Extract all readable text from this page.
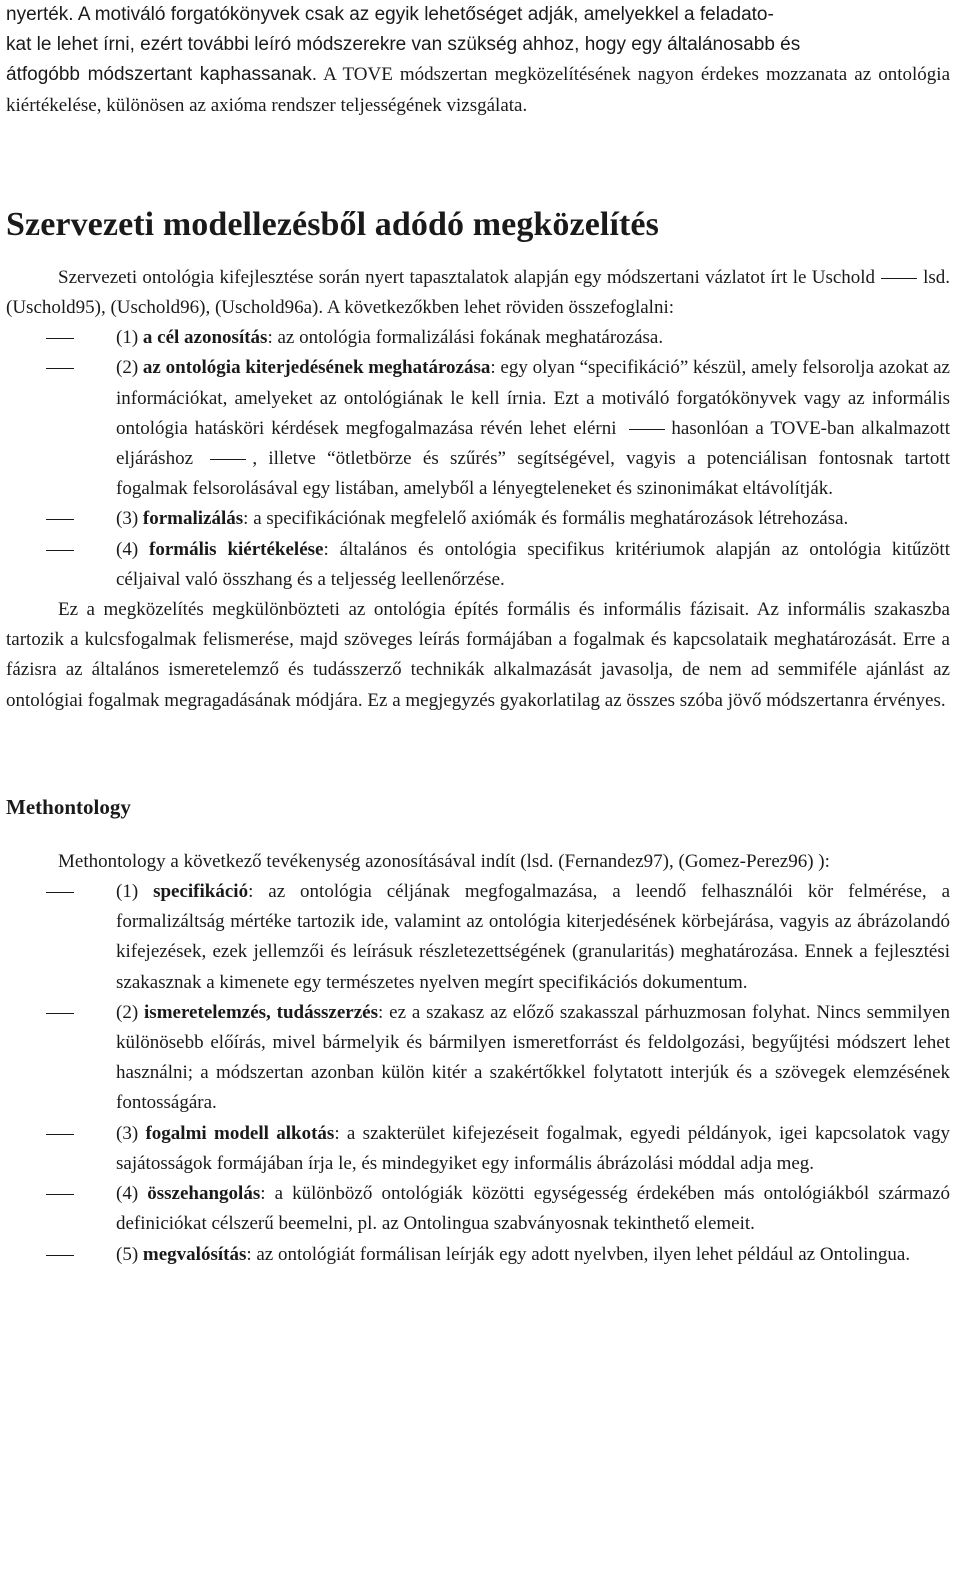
nyerték. A motiváló forgatókönyvek csak az egyik lehetőséget adják, amelyekkel a feladato-

kat le lehet írni, ezért további leíró módszerekre van szükség ahhoz, hogy egy általánosabb és

átfogóbb módszertant kaphassanak. A TOVE módszertan megközelítésének nagyon érdekes mozzanata az ontológia kiértékelése, különösen az axióma rendszer teljességének vizsgálata.

Szervezeti modellezésből adódó megközelítés

Szervezeti ontológia kifejlesztése során nyert tapasztalatok alapján egy módszertani vázlatot írt le Uschold	lsd.(Uschold95), (Uschold96), (Uschold96a). A következőkben lehet röviden összefoglalni:

(1) a cél azonosítás: az ontológia formalizálási fokának meghatározása.
(2) az ontológia kiterjedésének meghatározása: egy olyan “specifikáció” készül, amely felsorolja azokat az információkat, amelyeket az ontológiának le kell írnia. Ezt a motiváló forgatókönyvek vagy az informális ontológia hatásköri kérdések megfogalmazása révén lehet elérni	hasonlóan a TOVE-ban alkalmazott eljáráshoz	, illetve “ötletbörze és szűrés” segítségével, vagyis a potenciálisan fontosnak tartott fogalmak felsorolásával egy listában, amelyből a lényegteleneket és szinonimákat eltávolítják.
(3) formalizálás: a specifikációnak megfelelő axiómák és formális meghatározások létrehozása.
(4) formális kiértékelése: általános és ontológia specifikus kritériumok alapján az ontológia kitűzött céljaival való összhang és a teljesség leellenőrzése.

Ez a megközelítés megkülönbözteti az ontológia építés formális és informális fázisait. Az informális szakaszba tartozik a kulcsfogalmak felismerése, majd szöveges leírás formájában a fogalmak és kapcsolataik meghatározását. Erre a fázisra az általános ismeretelemző és tudásszerző technikák alkalmazását javasolja, de nem ad semmiféle ajánlást az ontológiai fogalmak megragadásának módjára. Ez a megjegyzés gyakorlatilag az összes szóba jövő módszertanra érvényes.

Methontology

Methontology a következő tevékenység azonosításával indít (lsd. (Fernandez97), (Gomez-Perez96) ):

(1) specifikáció: az ontológia céljának megfogalmazása, a leendő felhasználói kör felmérése, a formalizáltság mértéke tartozik ide, valamint az ontológia kiterjedésének körbejárása, vagyis az ábrázolandó kifejezések, ezek jellemzői és leírásuk részletezettségének (granularitás) meghatározása. Ennek a fejlesztési szakasznak a kimenete egy természetes nyelven megírt specifikációs dokumentum.
(2) ismeretelemzés, tudásszerzés: ez a szakasz az előző szakasszal párhuzmosan folyhat. Nincs semmilyen különösebb előírás, mivel bármelyik és bármilyen ismeretforrást és feldolgozási, begyűjtési módszert lehet használni; a módszertan azonban külön kitér a szakértőkkel folytatott interjúk és a szövegek elemzésének fontosságára.
(3) fogalmi modell alkotás: a szakterület kifejezéseit fogalmak, egyedi példányok, igei kapcsolatok vagy sajátosságok formájában írja le, és mindegyiket egy informális ábrázolási móddal adja meg.
(4) összehangolás: a különböző ontológiák közötti egységesség érdekében más ontológiákból származó definiciókat célszerű beemelni, pl. az Ontolingua szabványosnak tekinthető elemeit.
(5) megvalósítás: az ontológiát formálisan leírják egy adott nyelvben, ilyen lehet például az Ontolingua.
